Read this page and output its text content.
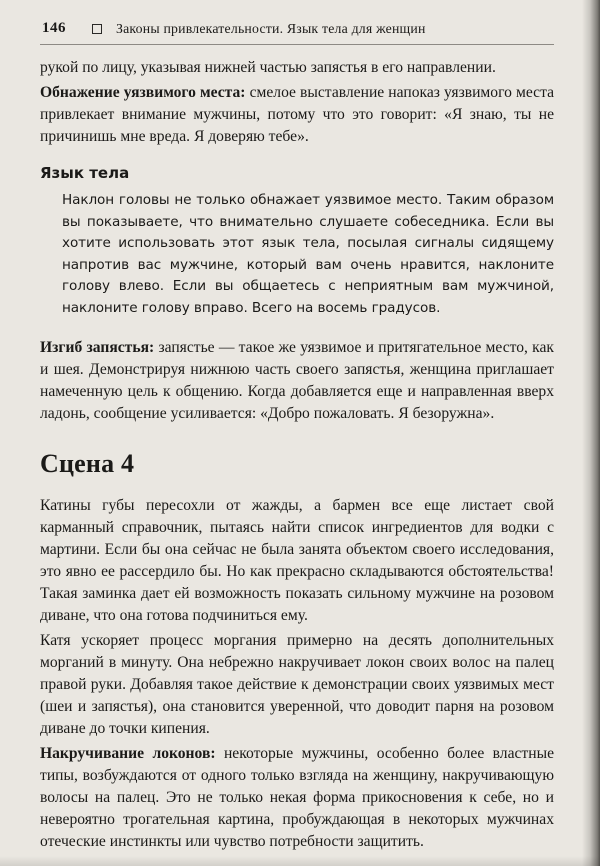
146	Законы привлекательности. Язык тела для женщин

рукой по лицу, указывая нижней частью запястья в его направлении.

Обнажение уязвимого места: смелое выставление напоказ уязвимого места привлекает внимание мужчины, потому что это говорит: «Я знаю, ты не причинишь мне вреда. Я доверяю тебе».

Язык тела
Наклон головы не только обнажает уязвимое место. Таким образом вы показываете, что внимательно слушаете собеседника. Если вы хотите использовать этот язык тела, посылая сигналы сидящему напротив вас мужчине, который вам очень нравится, наклоните голову влево. Если вы общаетесь с неприятным вам мужчиной, наклоните голову вправо. Всего на восемь градусов.

Изгиб запястья: запястье — такое же уязвимое и притягательное место, как и шея. Демонстрируя нижнюю часть своего запястья, женщина приглашает намеченную цель к общению. Когда добавляется еще и направленная вверх ладонь, сообщение усиливается: «Добро пожаловать. Я безоружна».

Сцена 4

Катины губы пересохли от жажды, а бармен все еще листает свой карманный справочник, пытаясь найти список ингредиентов для водки с мартини. Если бы она сейчас не была занята объектом своего исследования, это явно ее рассердило бы. Но как прекрасно складываются обстоятельства! Такая заминка дает ей возможность показать сильному мужчине на розовом диване, что она готова подчиниться ему.

Катя ускоряет процесс моргания примерно на десять дополнительных морганий в минуту. Она небрежно накручивает локон своих волос на палец правой руки. Добавляя такое действие к демонстрации своих уязвимых мест (шеи и запястья), она становится уверенной, что доводит парня на розовом диване до точки кипения.

Накручивание локонов: некоторые мужчины, особенно более властные типы, возбуждаются от одного только взгляда на женщину, накручивающую волосы на палец. Это не только некая форма прикосновения к себе, но и невероятно трогательная картина, пробуждающая в некоторых мужчинах отеческие инстинкты или чувство потребности защитить.
